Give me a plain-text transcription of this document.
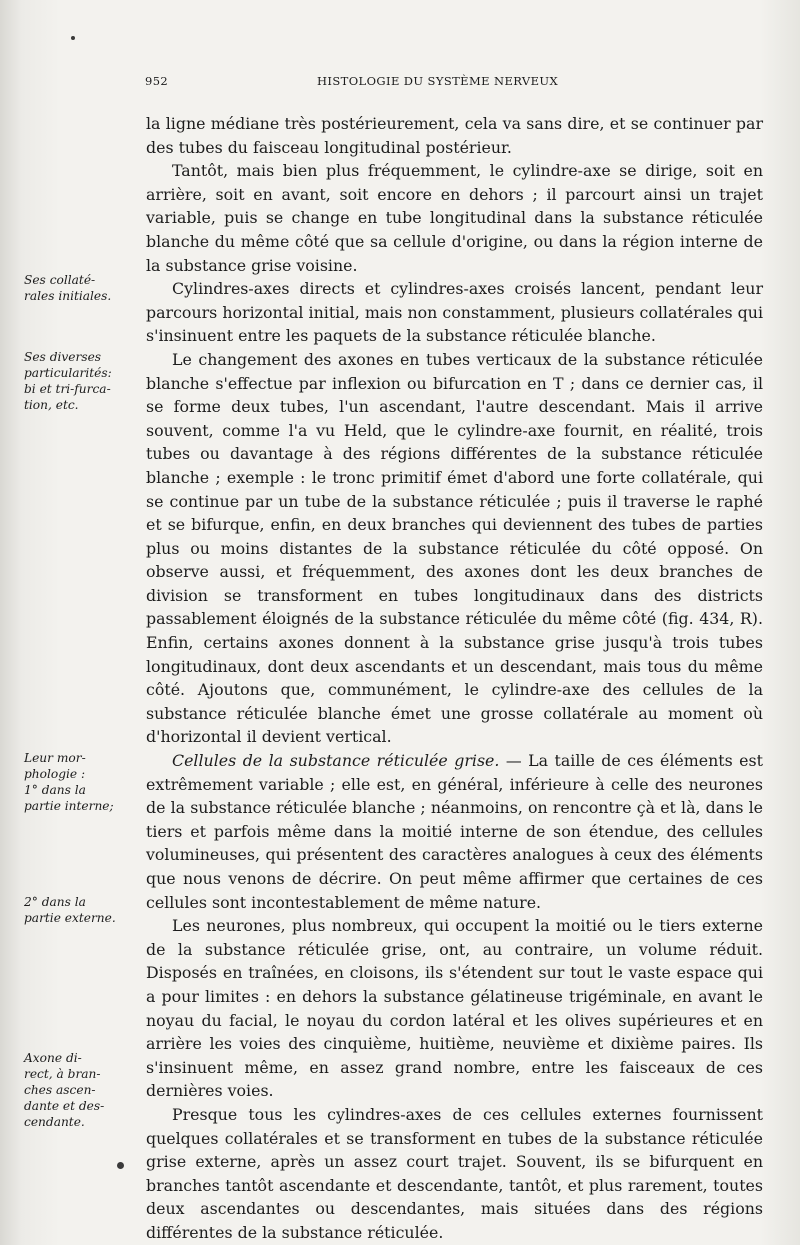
952	HISTOLOGIE DU SYSTÈME NERVEUX
Ses collaté-
rales initiales.
Ses diverses
particularités:
bi et tri-furca-
tion, etc.
Leur mor-
phologie :
1° dans la
partie interne;
2° dans la
partie externe.
Axone di-
rect, à bran-
ches ascen-
dante et des-
cendante.

la ligne médiane très postérieurement, cela va sans dire, et se continuer par des tubes du faisceau longitudinal postérieur.

Tantôt, mais bien plus fréquemment, le cylindre-axe se dirige, soit en arrière, soit en avant, soit encore en dehors ; il parcourt ainsi un trajet variable, puis se change en tube longitudinal dans la substance réticulée blanche du même côté que sa cellule d'origine, ou dans la région interne de la substance grise voisine.

Cylindres-axes directs et cylindres-axes croisés lancent, pendant leur parcours horizontal initial, mais non constamment, plusieurs collatérales qui s'insinuent entre les paquets de la substance réticulée blanche.

Le changement des axones en tubes verticaux de la substance réticulée blanche s'effectue par inflexion ou bifurcation en T ; dans ce dernier cas, il se forme deux tubes, l'un ascendant, l'autre descendant. Mais il arrive souvent, comme l'a vu Held, que le cylindre-axe fournit, en réalité, trois tubes ou davantage à des régions différentes de la substance réticulée blanche ; exemple : le tronc primitif émet d'abord une forte collatérale, qui se continue par un tube de la substance réticulée ; puis il traverse le raphé et se bifurque, enfin, en deux branches qui deviennent des tubes de parties plus ou moins distantes de la substance réticulée du côté opposé. On observe aussi, et fréquemment, des axones dont les deux branches de division se transforment en tubes longitudinaux dans des districts passablement éloignés de la substance réticulée du même côté (fig. 434, R). Enfin, certains axones donnent à la substance grise jusqu'à trois tubes longitudinaux, dont deux ascendants et un descendant, mais tous du même côté. Ajoutons que, communément, le cylindre-axe des cellules de la substance réticulée blanche émet une grosse collatérale au moment où d'horizontal il devient vertical.

Cellules de la substance réticulée grise. — La taille de ces éléments est extrêmement variable ; elle est, en général, inférieure à celle des neurones de la substance réticulée blanche ; néanmoins, on rencontre çà et là, dans le tiers et parfois même dans la moitié interne de son étendue, des cellules volumineuses, qui présentent des caractères analogues à ceux des éléments que nous venons de décrire. On peut même affirmer que certaines de ces cellules sont incontestablement de même nature.

Les neurones, plus nombreux, qui occupent la moitié ou le tiers externe de la substance réticulée grise, ont, au contraire, un volume réduit. Disposés en traînées, en cloisons, ils s'étendent sur tout le vaste espace qui a pour limites : en dehors la substance gélatineuse trigéminale, en avant le noyau du facial, le noyau du cordon latéral et les olives supérieures et en arrière les voies des cinquième, huitième, neuvième et dixième paires. Ils s'insinuent même, en assez grand nombre, entre les faisceaux de ces dernières voies.

Presque tous les cylindres-axes de ces cellules externes fournissent quelques collatérales et se transforment en tubes de la substance réticulée grise externe, après un assez court trajet. Souvent, ils se bifurquent en branches tantôt ascendante et descendante, tantôt, et plus rarement, toutes deux ascendantes ou descendantes, mais situées dans des régions différentes de la substance réticulée.
